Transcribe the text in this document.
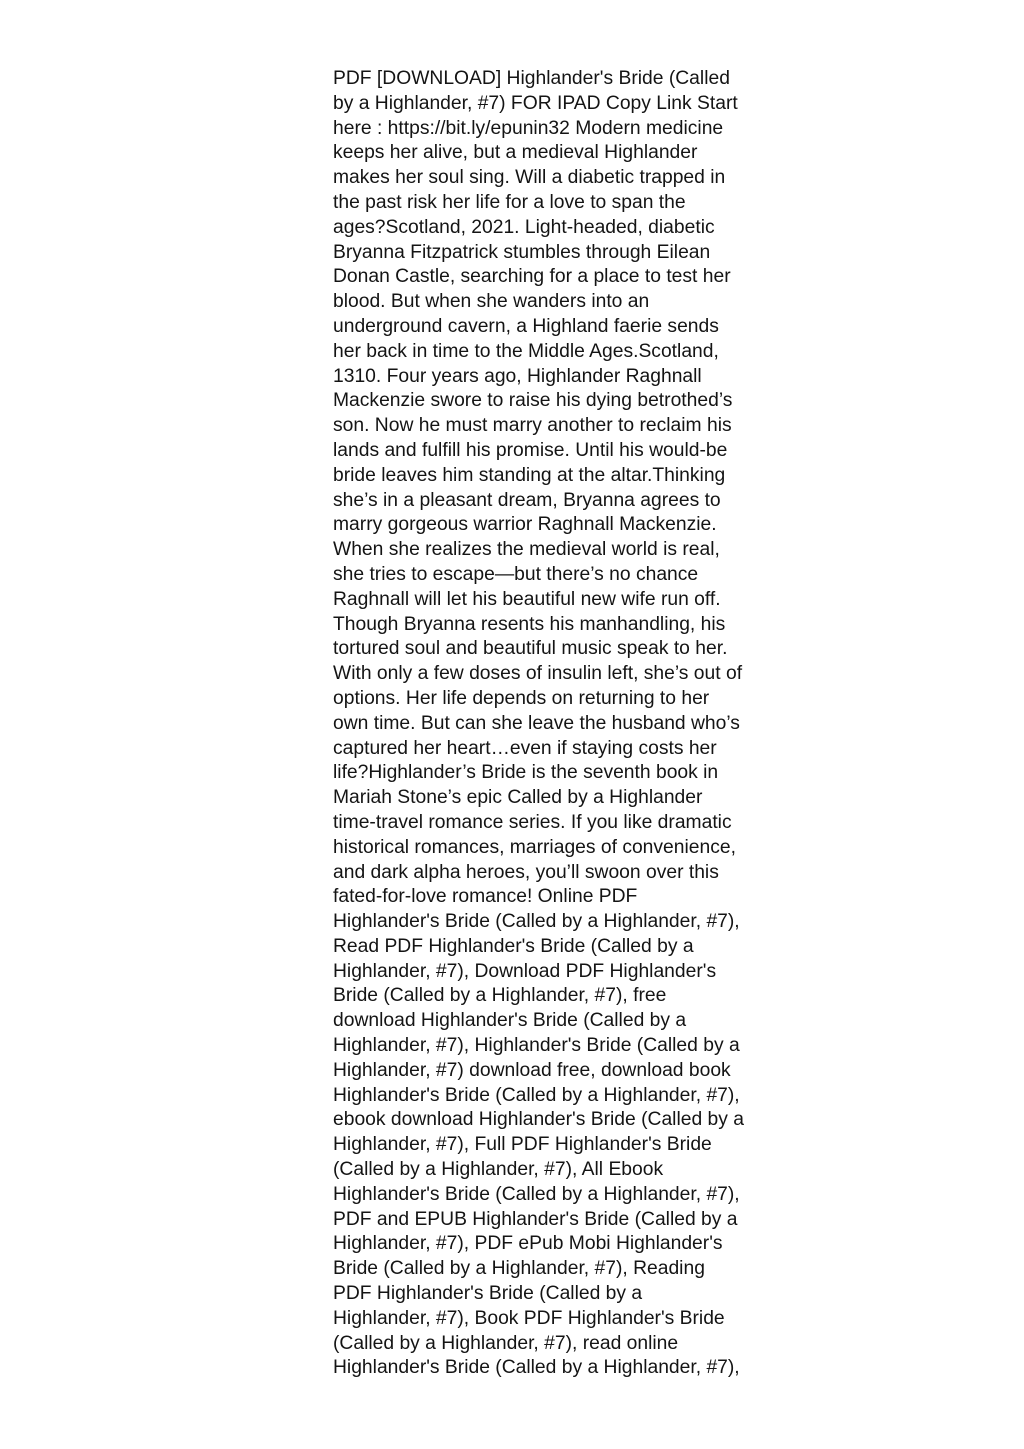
PDF [DOWNLOAD] Highlander's Bride (Called
by a Highlander, #7) FOR IPAD Copy Link Start
here : https://bit.ly/epunin32 Modern medicine
keeps her alive, but a medieval Highlander
makes her soul sing. Will a diabetic trapped in
the past risk her life for a love to span the
ages?Scotland, 2021. Light-headed, diabetic
Bryanna Fitzpatrick stumbles through Eilean
Donan Castle, searching for a place to test her
blood. But when she wanders into an
underground cavern, a Highland faerie sends
her back in time to the Middle Ages.Scotland,
1310. Four years ago, Highlander Raghnall
Mackenzie swore to raise his dying betrothed’s
son. Now he must marry another to reclaim his
lands and fulfill his promise. Until his would-be
bride leaves him standing at the altar.Thinking
she’s in a pleasant dream, Bryanna agrees to
marry gorgeous warrior Raghnall Mackenzie.
When she realizes the medieval world is real,
she tries to escape—but there’s no chance
Raghnall will let his beautiful new wife run off.
Though Bryanna resents his manhandling, his
tortured soul and beautiful music speak to her.
With only a few doses of insulin left, she’s out of
options. Her life depends on returning to her
own time. But can she leave the husband who’s
captured her heart…even if staying costs her
life?Highlander’s Bride is the seventh book in
Mariah Stone’s epic Called by a Highlander
time-travel romance series. If you like dramatic
historical romances, marriages of convenience,
and dark alpha heroes, you’ll swoon over this
fated-for-love romance! Online PDF
Highlander's Bride (Called by a Highlander, #7),
Read PDF Highlander's Bride (Called by a
Highlander, #7), Download PDF Highlander's
Bride (Called by a Highlander, #7), free
download Highlander's Bride (Called by a
Highlander, #7), Highlander's Bride (Called by a
Highlander, #7) download free, download book
Highlander's Bride (Called by a Highlander, #7),
ebook download Highlander's Bride (Called by a
Highlander, #7), Full PDF Highlander's Bride
(Called by a Highlander, #7), All Ebook
Highlander's Bride (Called by a Highlander, #7),
PDF and EPUB Highlander's Bride (Called by a
Highlander, #7), PDF ePub Mobi Highlander's
Bride (Called by a Highlander, #7), Reading
PDF Highlander's Bride (Called by a
Highlander, #7), Book PDF Highlander's Bride
(Called by a Highlander, #7), read online
Highlander's Bride (Called by a Highlander, #7),
